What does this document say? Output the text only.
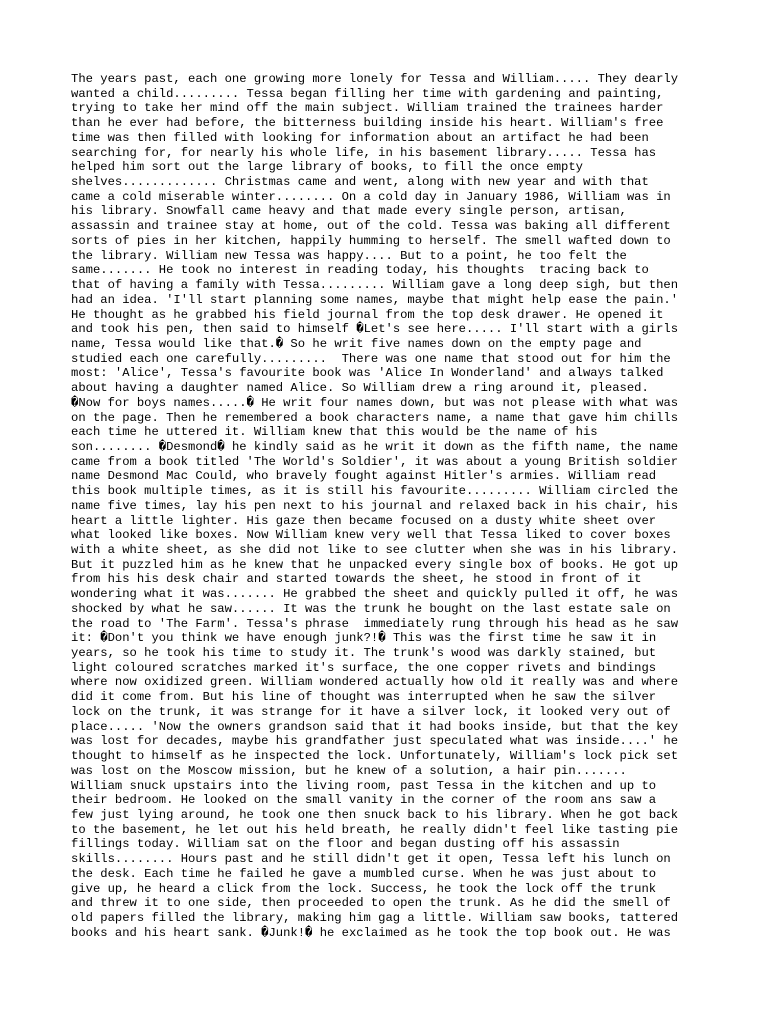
The years past, each one growing more lonely for Tessa and William..... They dearly
wanted a child......... Tessa began filling her time with gardening and painting,
trying to take her mind off the main subject. William trained the trainees harder
than he ever had before, the bitterness building inside his heart. William's free
time was then filled with looking for information about an artifact he had been
searching for, for nearly his whole life, in his basement library..... Tessa has
helped him sort out the large library of books, to fill the once empty
shelves............. Christmas came and went, along with new year and with that
came a cold miserable winter........ On a cold day in January 1986, William was in
his library. Snowfall came heavy and that made every single person, artisan,
assassin and trainee stay at home, out of the cold. Tessa was baking all different
sorts of pies in her kitchen, happily humming to herself. The smell wafted down to
the library. William new Tessa was happy.... But to a point, he too felt the
same....... He took no interest in reading today, his thoughts  tracing back to
that of having a family with Tessa......... William gave a long deep sigh, but then
had an idea. 'I'll start planning some names, maybe that might help ease the pain.'
He thought as he grabbed his field journal from the top desk drawer. He opened it
and took his pen, then said to himself �Let's see here..... I'll start with a girls
name, Tessa would like that.� So he writ five names down on the empty page and
studied each one carefully.........  There was one name that stood out for him the
most: 'Alice', Tessa's favourite book was 'Alice In Wonderland' and always talked
about having a daughter named Alice. So William drew a ring around it, pleased.
�Now for boys names.....� He writ four names down, but was not please with what was
on the page. Then he remembered a book characters name, a name that gave him chills
each time he uttered it. William knew that this would be the name of his
son........ �Desmond� he kindly said as he writ it down as the fifth name, the name
came from a book titled 'The World's Soldier', it was about a young British soldier
name Desmond Mac Could, who bravely fought against Hitler's armies. William read
this book multiple times, as it is still his favourite......... William circled the
name five times, lay his pen next to his journal and relaxed back in his chair, his
heart a little lighter. His gaze then became focused on a dusty white sheet over
what looked like boxes. Now William knew very well that Tessa liked to cover boxes
with a white sheet, as she did not like to see clutter when she was in his library.
But it puzzled him as he knew that he unpacked every single box of books. He got up
from his his desk chair and started towards the sheet, he stood in front of it
wondering what it was....... He grabbed the sheet and quickly pulled it off, he was
shocked by what he saw...... It was the trunk he bought on the last estate sale on
the road to 'The Farm'. Tessa's phrase  immediately rung through his head as he saw
it: �Don't you think we have enough junk?!� This was the first time he saw it in
years, so he took his time to study it. The trunk's wood was darkly stained, but
light coloured scratches marked it's surface, the one copper rivets and bindings
where now oxidized green. William wondered actually how old it really was and where
did it come from. But his line of thought was interrupted when he saw the silver
lock on the trunk, it was strange for it have a silver lock, it looked very out of
place..... 'Now the owners grandson said that it had books inside, but that the key
was lost for decades, maybe his grandfather just speculated what was inside....' he
thought to himself as he inspected the lock. Unfortunately, William's lock pick set
was lost on the Moscow mission, but he knew of a solution, a hair pin.......
William snuck upstairs into the living room, past Tessa in the kitchen and up to
their bedroom. He looked on the small vanity in the corner of the room ans saw a
few just lying around, he took one then snuck back to his library. When he got back
to the basement, he let out his held breath, he really didn't feel like tasting pie
fillings today. William sat on the floor and began dusting off his assassin
skills........ Hours past and he still didn't get it open, Tessa left his lunch on
the desk. Each time he failed he gave a mumbled curse. When he was just about to
give up, he heard a click from the lock. Success, he took the lock off the trunk
and threw it to one side, then proceeded to open the trunk. As he did the smell of
old papers filled the library, making him gag a little. William saw books, tattered
books and his heart sank. �Junk!� he exclaimed as he took the top book out. He was
